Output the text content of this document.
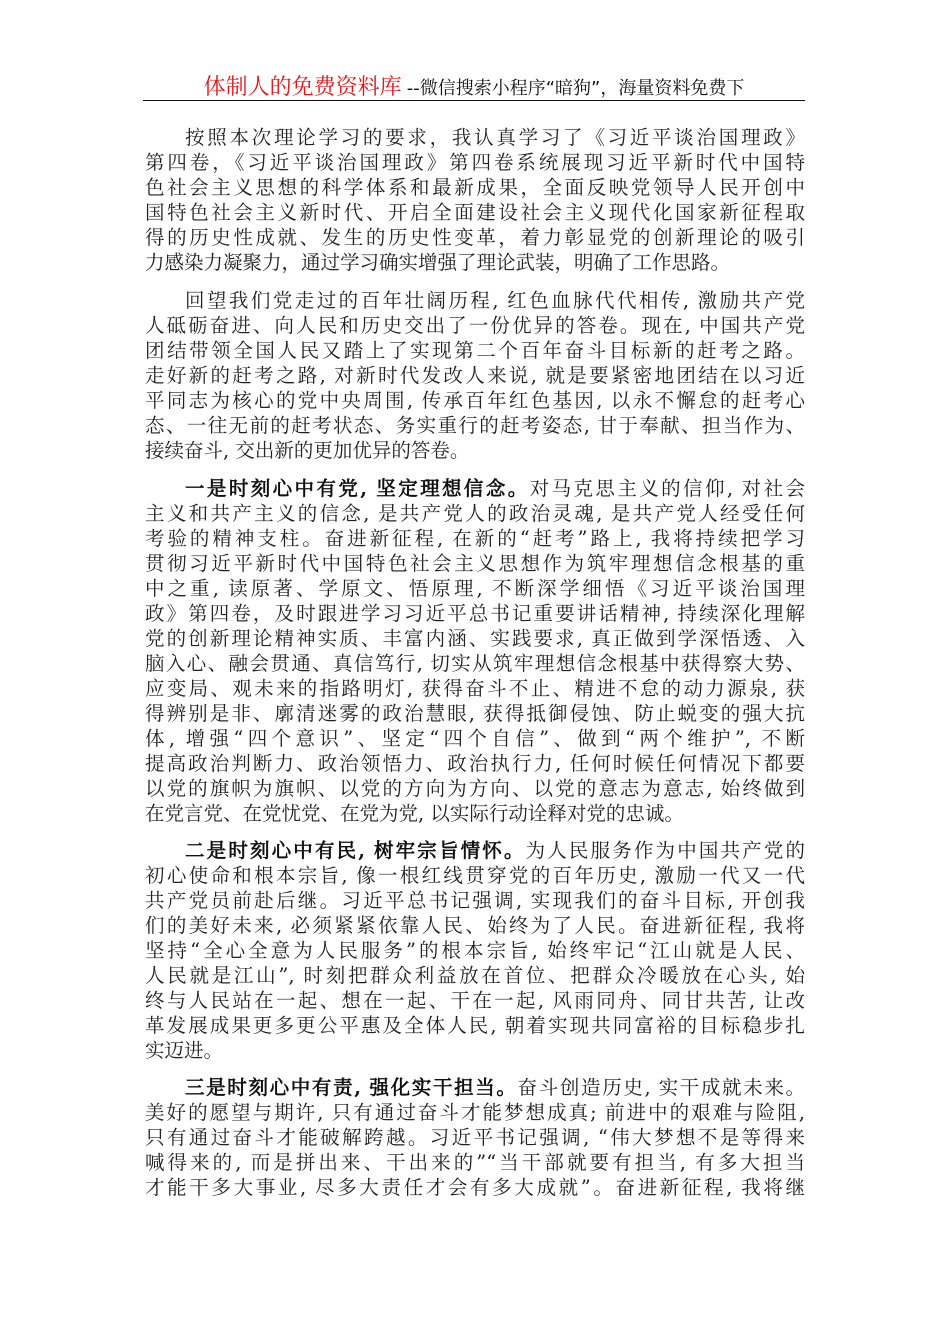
体制人的免费资料库 --微信搜索小程序“暗狗”，海量资料免费下
按照本次理论学习的要求，我认真学习了《习近平谈治国理政》
第四卷，《习近平谈治国理政》第四卷系统展现习近平新时代中国特
色社会主义思想的科学体系和最新成果，全面反映党领导人民开创中
国特色社会主义新时代、开启全面建设社会主义现代化国家新征程取
得的历史性成就、发生的历史性变革，着力彰显党的创新理论的吸引
力感染力凝聚力，通过学习确实增强了理论武装，明确了工作思路。
回望我们党走过的百年壮阔历程, 红色血脉代代相传, 激励共产党
人砥砺奋进、向人民和历史交出了一份优异的答卷。现在, 中国共产党
团结带领全国人民又踏上了实现第二个百年奋斗目标新的赶考之路。
走好新的赶考之路, 对新时代发改人来说, 就是要紧密地团结在以习近
平同志为核心的党中央周围, 传承百年红色基因, 以永不懈怠的赶考心
态、一往无前的赶考状态、务实重行的赶考姿态, 甘于奉献、担当作为、
接续奋斗, 交出新的更加优异的答卷。
一是时刻心中有党, 坚定理想信念。对马克思主义的信仰, 对社会
主义和共产主义的信念, 是共产党人的政治灵魂, 是共产党人经受任何
考验的精神支柱。奋进新征程, 在新的“赶考”路上, 我将持续把学习
贯彻习近平新时代中国特色社会主义思想作为筑牢理想信念根基的重
中之重, 读原著、学原文、悟原理, 不断深学细悟《习近平谈治国理
政》第四卷，及时跟进学习习近平总书记重要讲话精神, 持续深化理解
党的创新理论精神实质、丰富内涵、实践要求, 真正做到学深悟透、入
脑入心、融会贯通、真信笃行, 切实从筑牢理想信念根基中获得察大势、
应变局、观未来的指路明灯, 获得奋斗不止、精进不怠的动力源泉, 获
得辨别是非、廓清迷雾的政治慧眼, 获得抵御侵蚀、防止蜕变的强大抗
体, 增强“四个意识”、坚定“四个自信”、做到“两个维护”, 不断
提高政治判断力、政治领悟力、政治执行力, 任何时候任何情况下都要
以党的旗帜为旗帜、以党的方向为方向、以党的意志为意志, 始终做到
在党言党、在党忧党、在党为党, 以实际行动诠释对党的忠诚。
二是时刻心中有民, 树牢宗旨情怀。为人民服务作为中国共产党的
初心使命和根本宗旨, 像一根红线贯穿党的百年历史, 激励一代又一代
共产党员前赴后继。习近平总书记强调, 实现我们的奋斗目标, 开创我
们的美好未来, 必须紧紧依靠人民、始终为了人民。奋进新征程, 我将
坚持“全心全意为人民服务”的根本宗旨, 始终牢记“江山就是人民、
人民就是江山”, 时刻把群众利益放在首位、把群众冷暖放在心头, 始
终与人民站在一起、想在一起、干在一起, 风雨同舟、同甘共苦, 让改
革发展成果更多更公平惠及全体人民, 朝着实现共同富裕的目标稳步扎
实迈进。
三是时刻心中有责, 强化实干担当。奋斗创造历史, 实干成就未来。
美好的愿望与期许, 只有通过奋斗才能梦想成真; 前进中的艰难与险阻,
只有通过奋斗才能破解跨越。习近平书记强调, “伟大梦想不是等得来
喊得来的, 而是拼出来、干出来的”“当干部就要有担当, 有多大担当
才能干多大事业, 尽多大责任才会有多大成就”。奋进新征程, 我将继
